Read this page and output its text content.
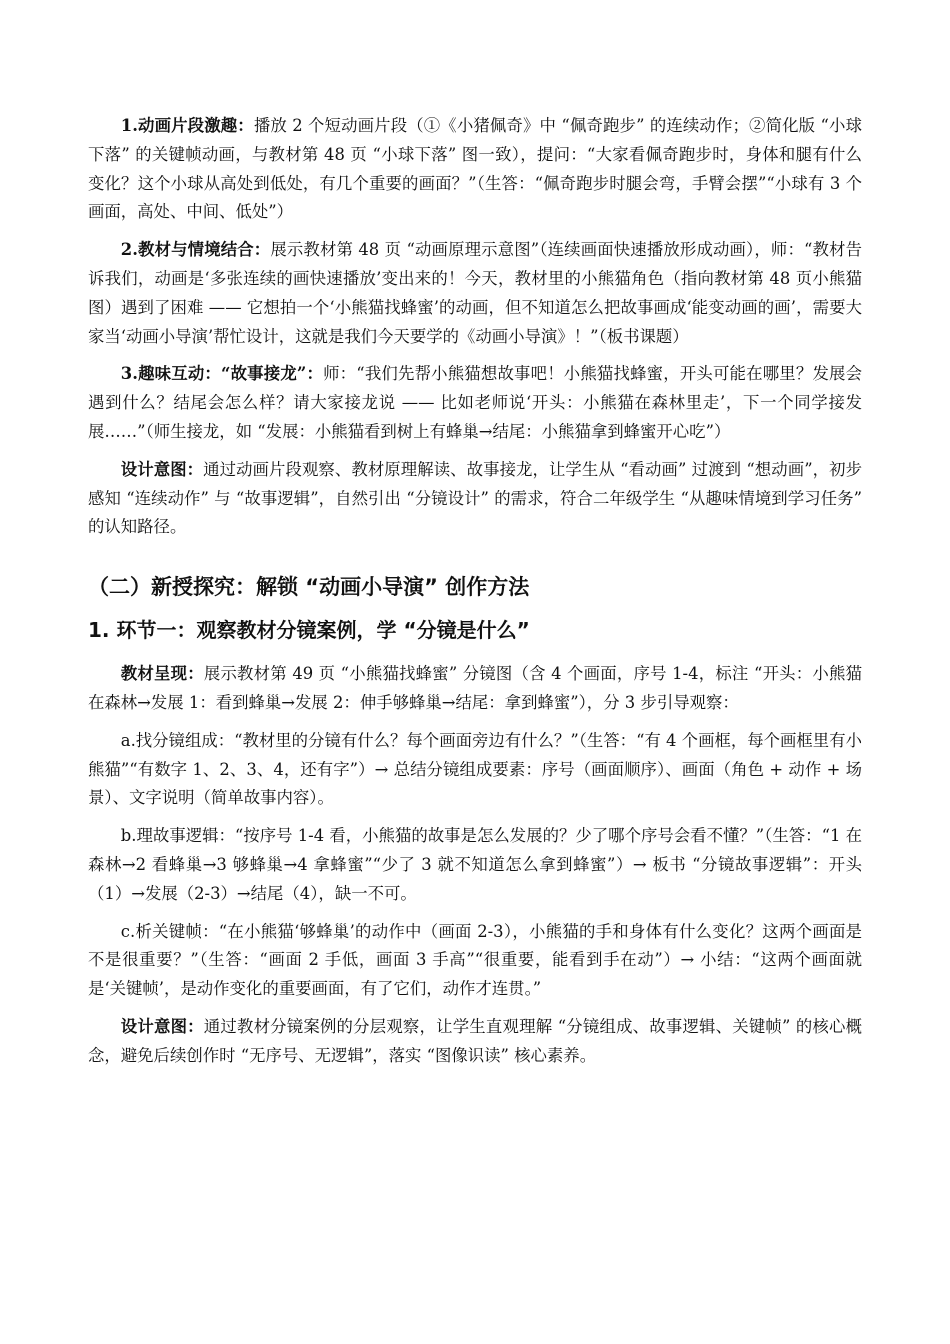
1.动画片段激趣：播放 2 个短动画片段（①《小猪佩奇》中 “佩奇跑步” 的连续动作；②简化版 “小球下落” 的关键帧动画，与教材第 48 页 “小球下落” 图一致），提问：“大家看佩奇跑步时，身体和腿有什么变化？这个小球从高处到低处，有几个重要的画面？”（生答：“佩奇跑步时腿会弯，手臂会摆”“小球有 3 个画面，高处、中间、低处”）

2.教材与情境结合：展示教材第 48 页 “动画原理示意图”（连续画面快速播放形成动画），师：“教材告诉我们，动画是‘多张连续的画快速播放’变出来的！今天，教材里的小熊猫角色（指向教材第 48 页小熊猫图）遇到了困难 —— 它想拍一个‘小熊猫找蜂蜜’的动画，但不知道怎么把故事画成‘能变动画的画’，需要大家当‘动画小导演’帮忙设计，这就是我们今天要学的《动画小导演》！”（板书课题）

3.趣味互动：“故事接龙”：师：“我们先帮小熊猫想故事吧！小熊猫找蜂蜜，开头可能在哪里？发展会遇到什么？结尾会怎么样？请大家接龙说 —— 比如老师说‘开头：小熊猫在森林里走’，下一个同学接发展……”（师生接龙，如 “发展：小熊猫看到树上有蜂巢→结尾：小熊猫拿到蜂蜜开心吃”）

设计意图：通过动画片段观察、教材原理解读、故事接龙，让学生从 “看动画” 过渡到 “想动画”，初步感知 “连续动作” 与 “故事逻辑”，自然引出 “分镜设计” 的需求，符合二年级学生 “从趣味情境到学习任务” 的认知路径。

（二）新授探究：解锁 “动画小导演” 创作方法
1. 环节一：观察教材分镜案例，学 “分镜是什么”

教材呈现：展示教材第 49 页 “小熊猫找蜂蜜” 分镜图（含 4 个画面，序号 1-4，标注 “开头：小熊猫在森林→发展 1：看到蜂巢→发展 2：伸手够蜂巢→结尾：拿到蜂蜜”），分 3 步引导观察：

a.找分镜组成：“教材里的分镜有什么？每个画面旁边有什么？”（生答：“有 4 个画框，每个画框里有小熊猫”“有数字 1、2、3、4，还有字”）→ 总结分镜组成要素：序号（画面顺序）、画面（角色 + 动作 + 场景）、文字说明（简单故事内容）。

b.理故事逻辑：“按序号 1-4 看，小熊猫的故事是怎么发展的？少了哪个序号会看不懂？”（生答：“1 在森林→2 看蜂巢→3 够蜂巢→4 拿蜂蜜”“少了 3 就不知道怎么拿到蜂蜜”）→ 板书 “分镜故事逻辑”：开头（1）→发展（2-3）→结尾（4），缺一不可。

c.析关键帧：“在小熊猫‘够蜂巢’的动作中（画面 2-3），小熊猫的手和身体有什么变化？这两个画面是不是很重要？”（生答：“画面 2 手低，画面 3 手高”“很重要，能看到手在动”）→ 小结：“这两个画面就是‘关键帧’，是动作变化的重要画面，有了它们，动作才连贯。”

设计意图：通过教材分镜案例的分层观察，让学生直观理解 “分镜组成、故事逻辑、关键帧” 的核心概念，避免后续创作时 “无序号、无逻辑”，落实 “图像识读” 核心素养。
